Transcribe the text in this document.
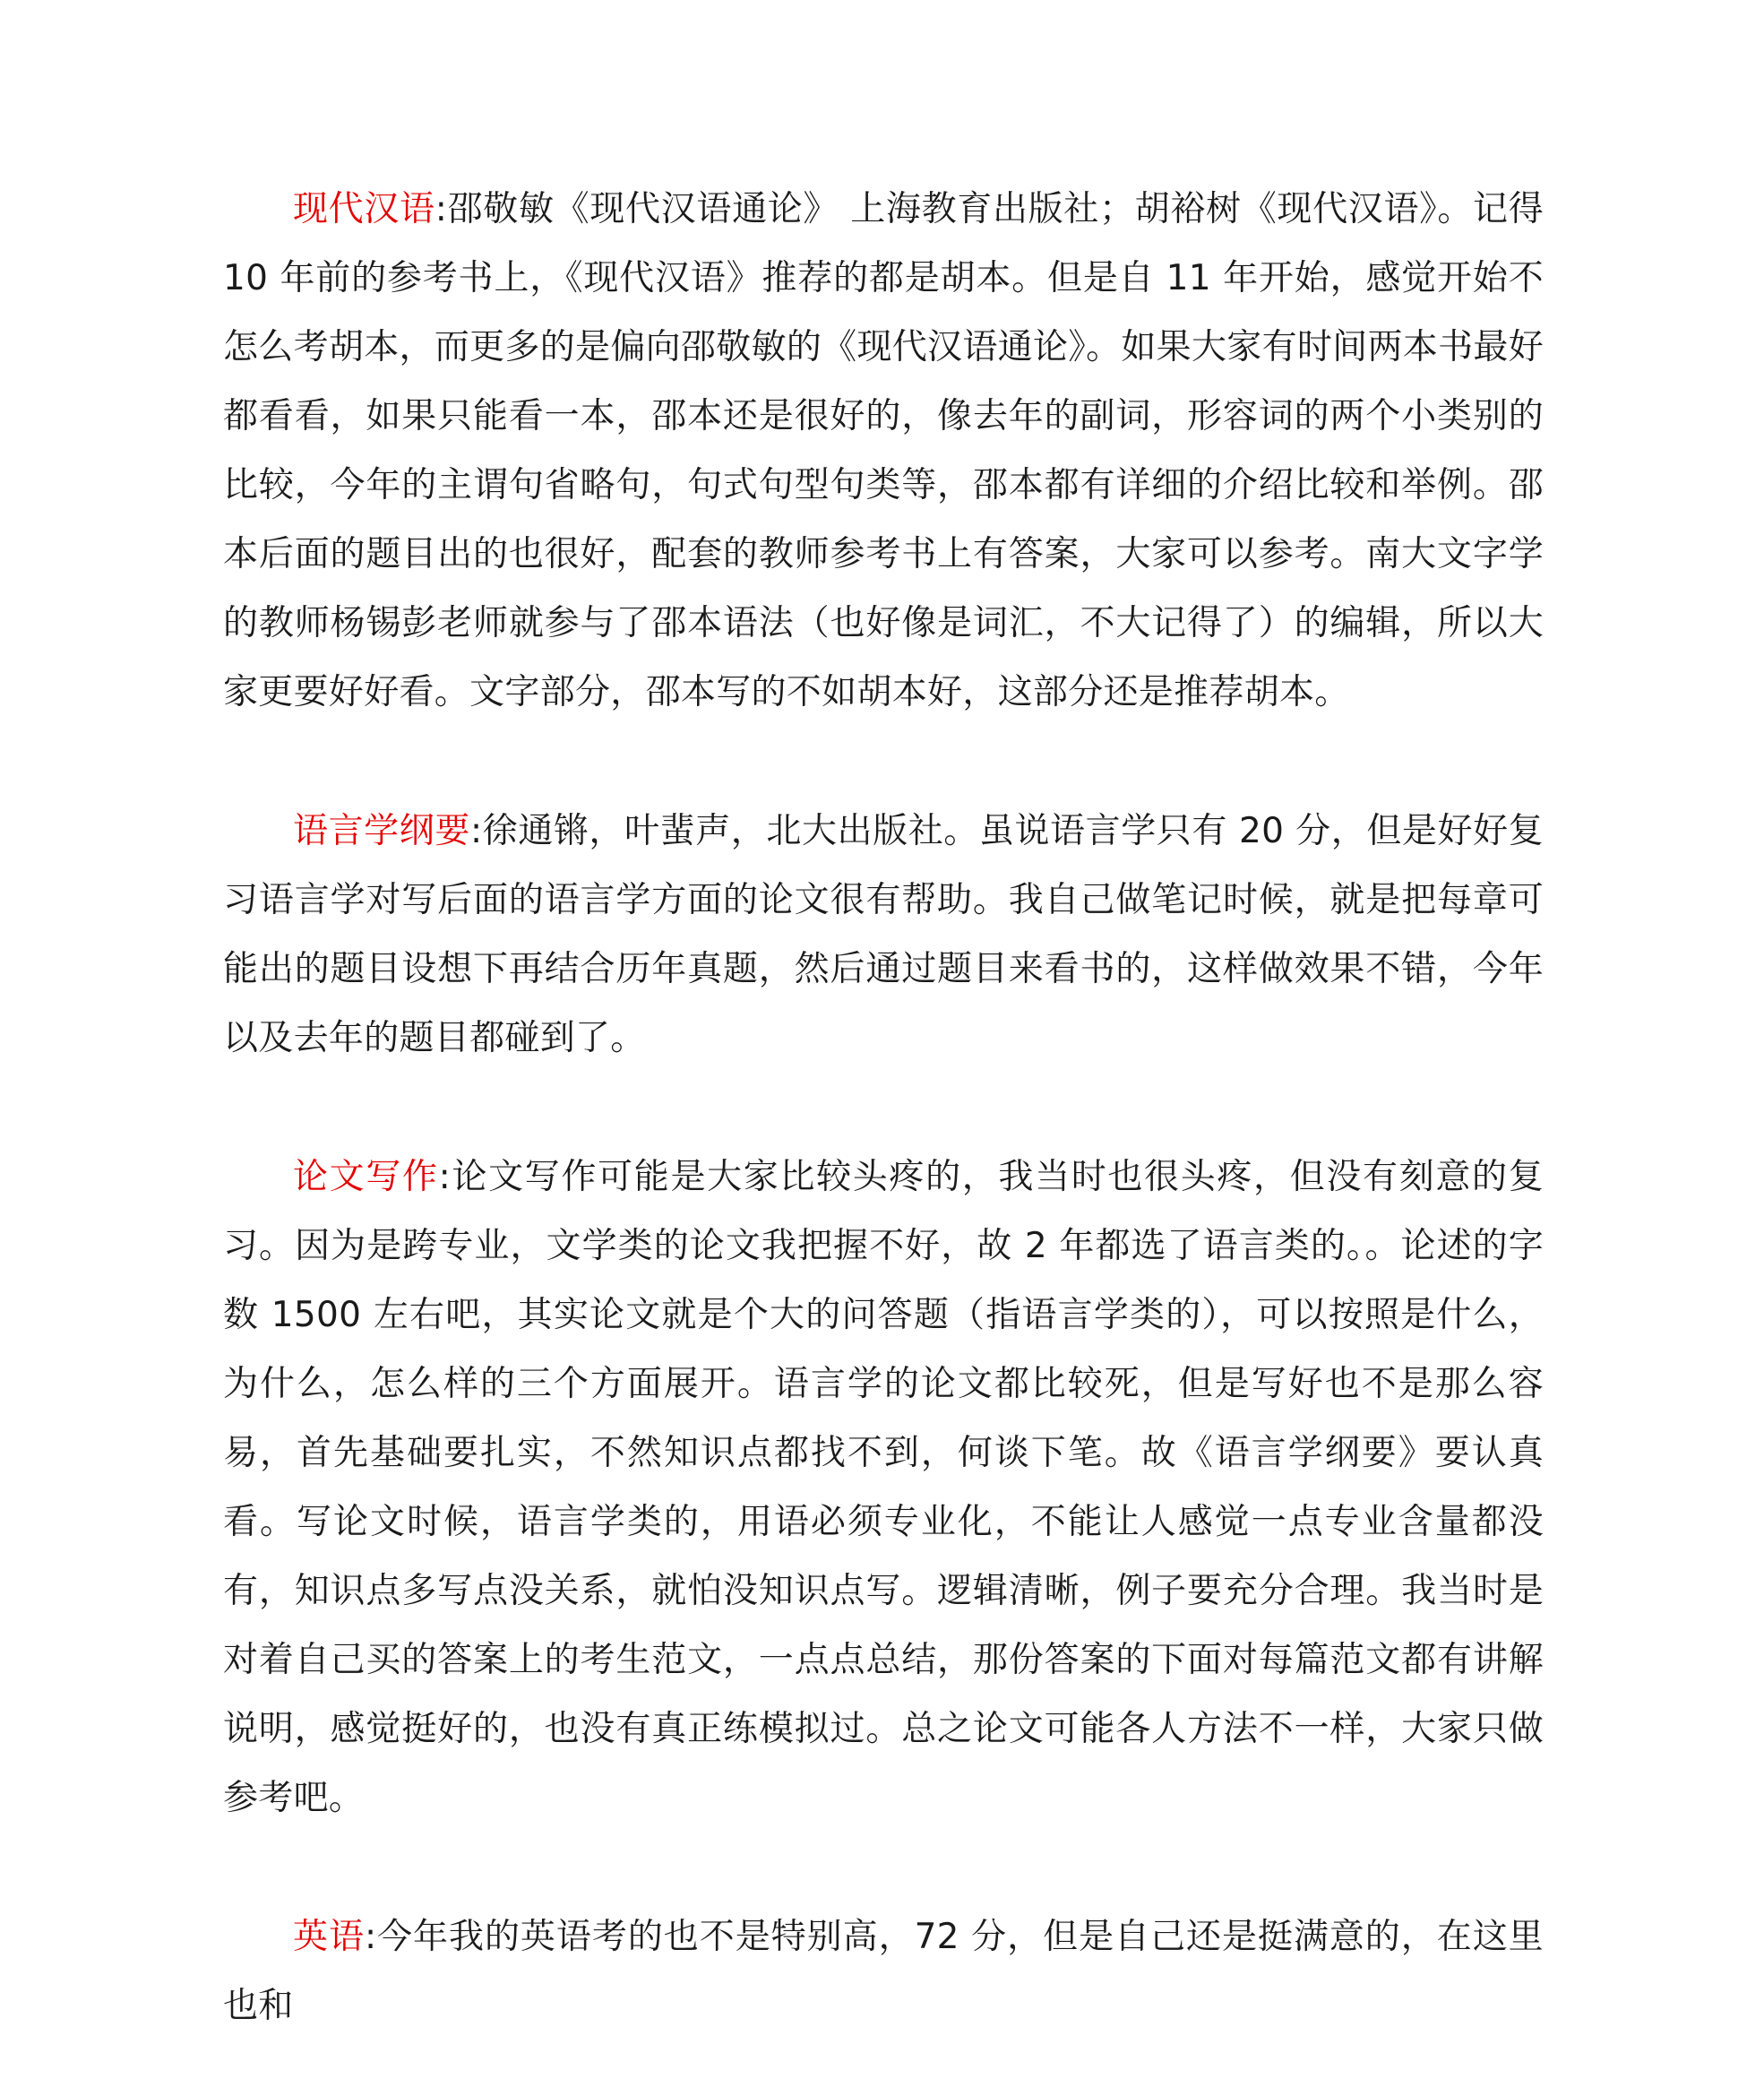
现代汉语:邵敬敏《现代汉语通论》 上海教育出版社；胡裕树《现代汉语》。记得 10 年前的参考书上，《现代汉语》推荐的都是胡本。但是自 11 年开始，感觉开始不怎么考胡本，而更多的是偏向邵敬敏的《现代汉语通论》。如果大家有时间两本书最好都看看，如果只能看一本，邵本还是很好的，像去年的副词，形容词的两个小类别的比较，今年的主谓句省略句，句式句型句类等，邵本都有详细的介绍比较和举例。邵本后面的题目出的也很好，配套的教师参考书上有答案，大家可以参考。南大文字学的教师杨锡彭老师就参与了邵本语法（也好像是词汇，不大记得了）的编辑，所以大家更要好好看。文字部分，邵本写的不如胡本好，这部分还是推荐胡本。

语言学纲要:徐通锵，叶蜚声，北大出版社。虽说语言学只有 20 分，但是好好复习语言学对写后面的语言学方面的论文很有帮助。我自己做笔记时候，就是把每章可能出的题目设想下再结合历年真题，然后通过题目来看书的，这样做效果不错，今年以及去年的题目都碰到了。

论文写作:论文写作可能是大家比较头疼的，我当时也很头疼，但没有刻意的复习。因为是跨专业，文学类的论文我把握不好，故 2 年都选了语言类的。。论述的字数 1500 左右吧，其实论文就是个大的问答题（指语言学类的），可以按照是什么，为什么，怎么样的三个方面展开。语言学的论文都比较死，但是写好也不是那么容易，首先基础要扎实，不然知识点都找不到，何谈下笔。故《语言学纲要》要认真看。写论文时候，语言学类的，用语必须专业化，不能让人感觉一点专业含量都没有，知识点多写点没关系，就怕没知识点写。逻辑清晰，例子要充分合理。我当时是对着自己买的答案上的考生范文，一点点总结，那份答案的下面对每篇范文都有讲解说明，感觉挺好的，也没有真正练模拟过。总之论文可能各人方法不一样，大家只做参考吧。

英语:今年我的英语考的也不是特别高，72 分，但是自己还是挺满意的，在这里也和
